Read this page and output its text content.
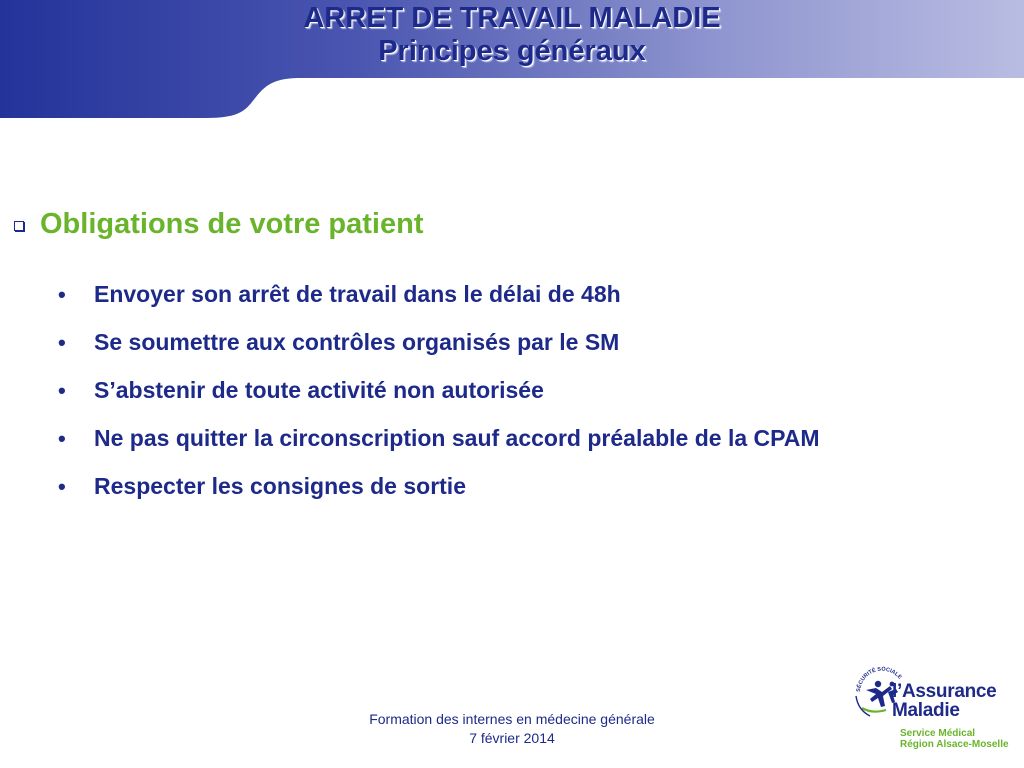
ARRET DE TRAVAIL MALADIE
Principes généraux
Obligations de votre patient
•	Envoyer son arrêt de travail dans le délai de 48h
•	Se soumettre aux contrôles organisés par le SM
•	S’abstenir de toute activité non autorisée
•	Ne pas quitter la circonscription sauf accord préalable de la CPAM
•	Respecter les consignes de sortie
Formation des internes en médecine générale
7 février 2014
SÉCURITÉ SOCIALE
l’Assurance
Maladie
Service Médical
Région Alsace-Moselle
